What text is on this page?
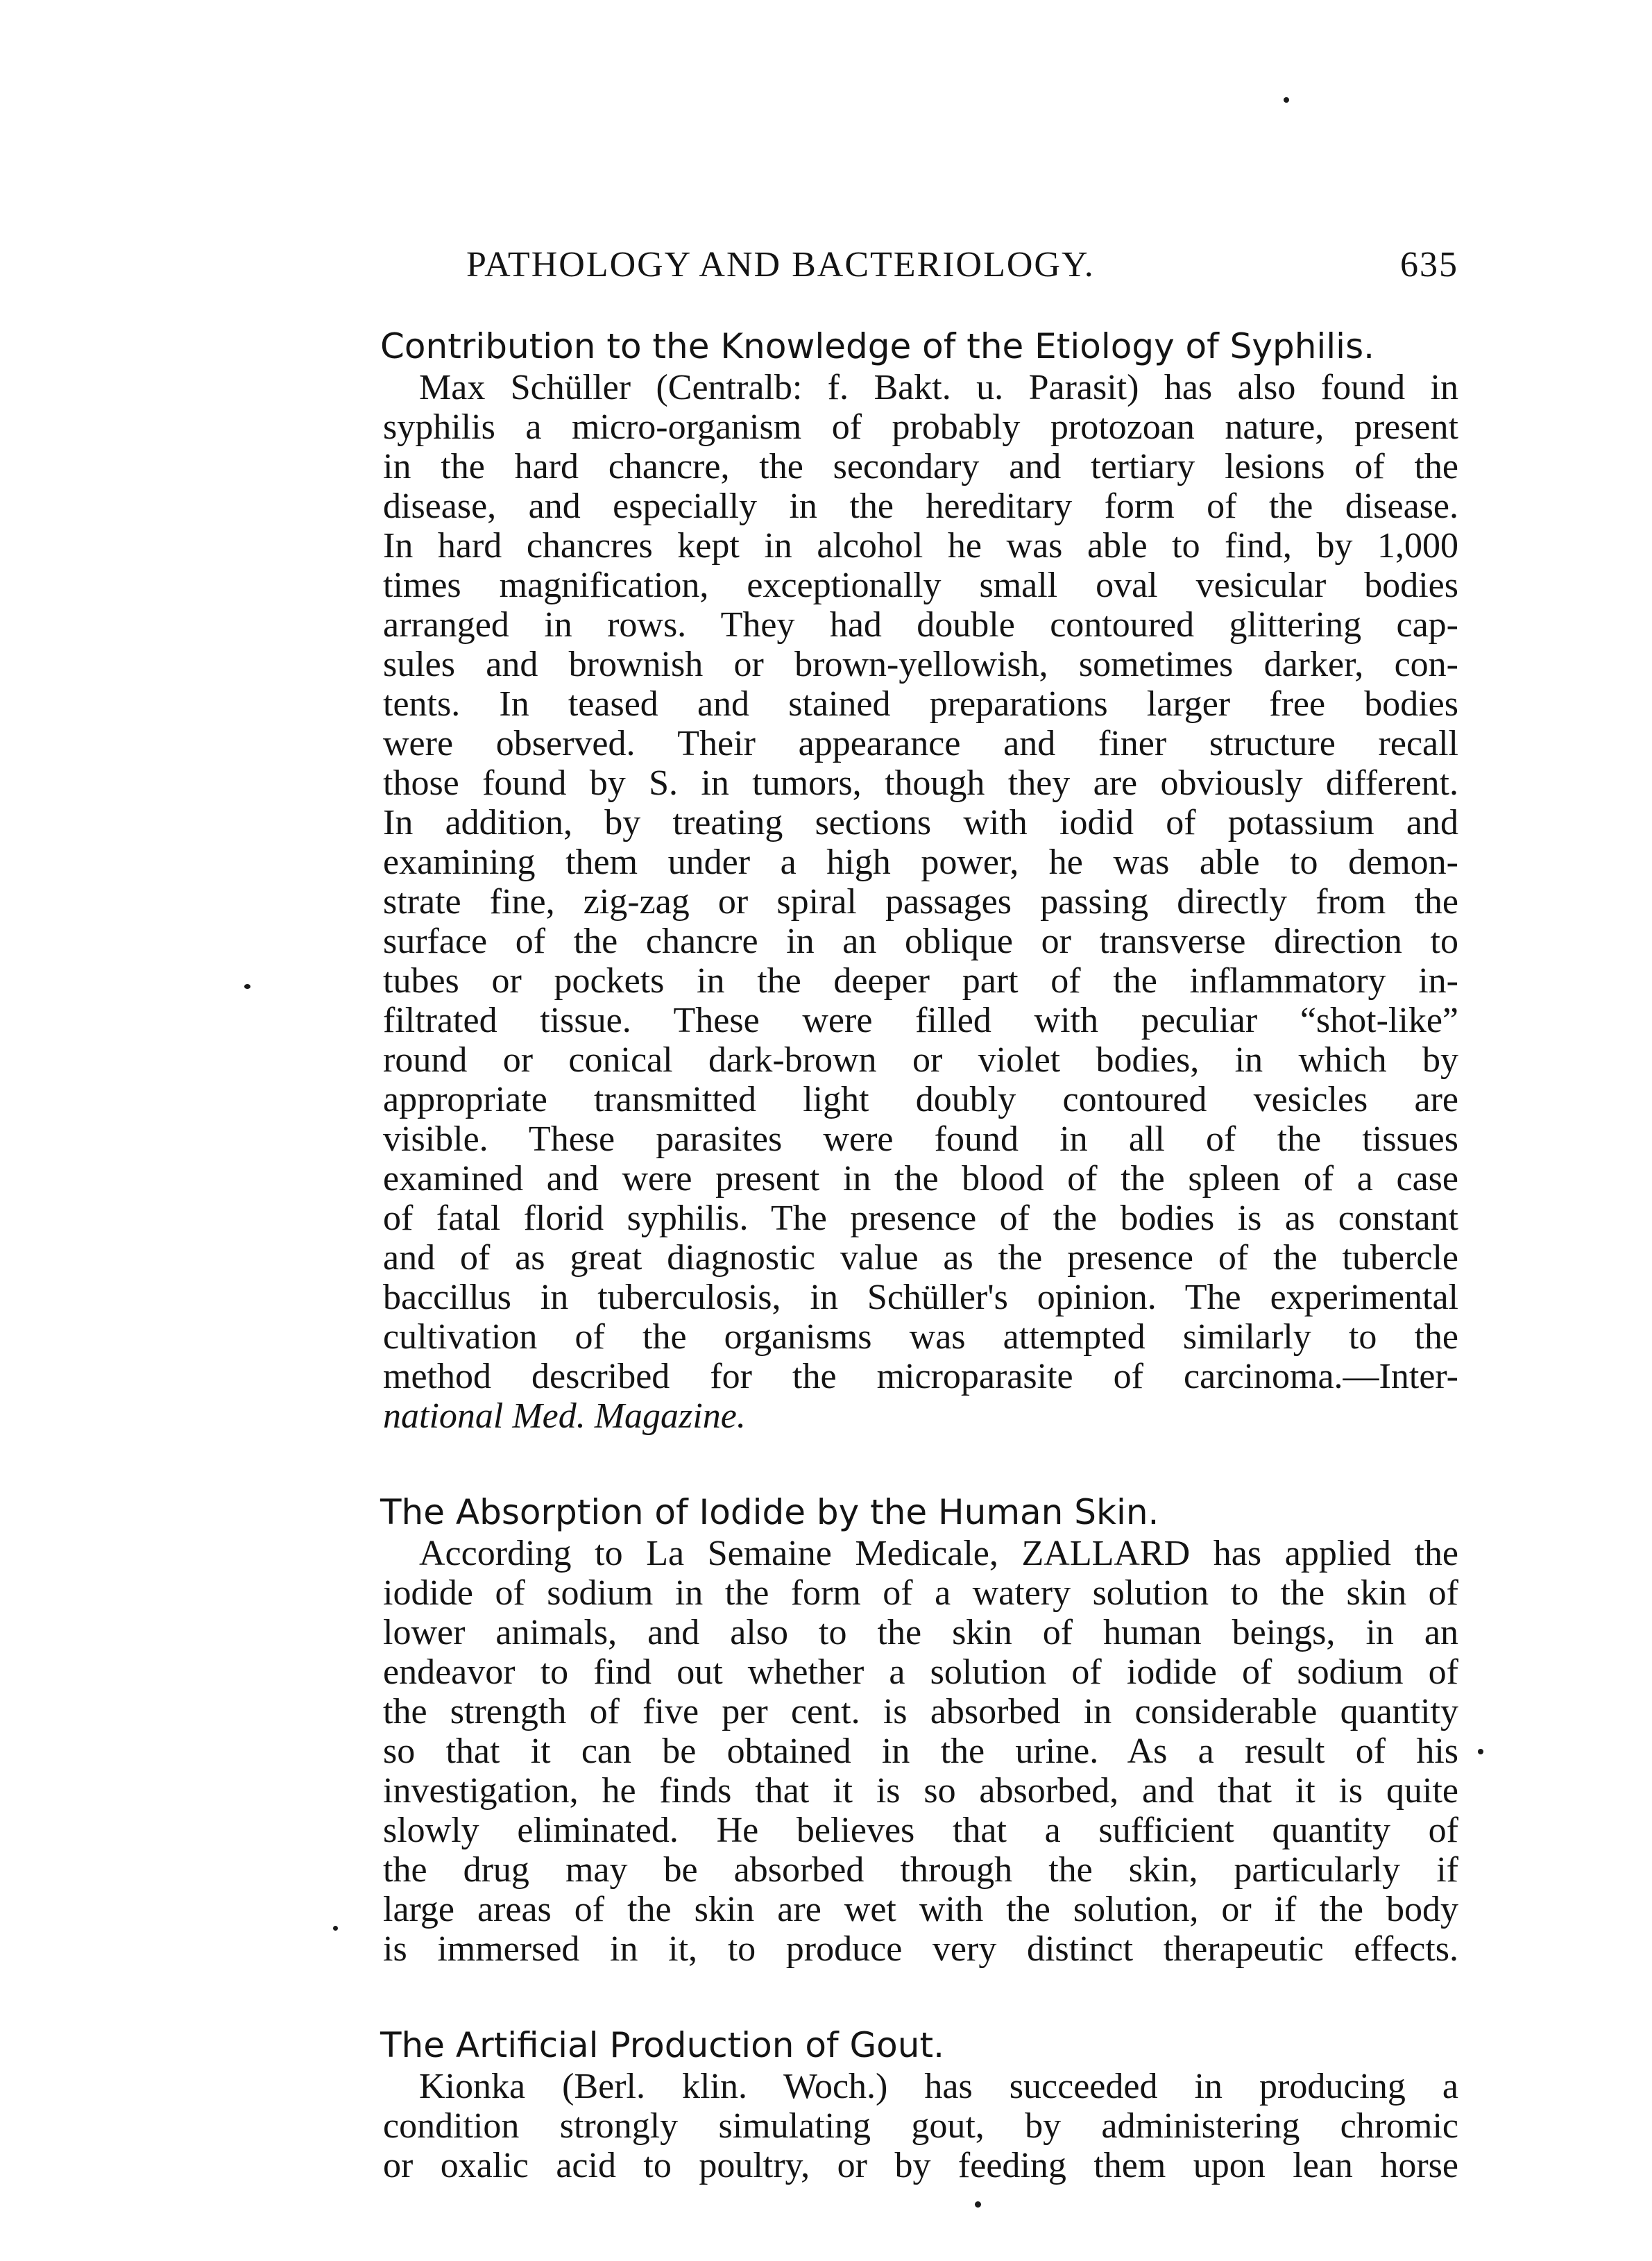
PATHOLOGY AND BACTERIOLOGY.	635
Contribution to the Knowledge of the Etiology of Syphilis.
Max Schüller (Centralb: f. Bakt. u. Parasit) has also found in
syphilis a micro-organism of probably protozoan nature, present
in the hard chancre, the secondary and tertiary lesions of the
disease, and especially in the hereditary form of the disease.
In hard chancres kept in alcohol he was able to find, by 1,000
times magnification, exceptionally small oval vesicular bodies
arranged in rows. They had double contoured glittering cap-
sules and brownish or brown-yellowish, sometimes darker, con-
tents. In teased and stained preparations larger free bodies
were observed. Their appearance and finer structure recall
those found by S. in tumors, though they are obviously different.
In addition, by treating sections with iodid of potassium and
examining them under a high power, he was able to demon-
strate fine, zig-zag or spiral passages passing directly from the
surface of the chancre in an oblique or transverse direction to
tubes or pockets in the deeper part of the inflammatory in-
filtrated tissue. These were filled with peculiar “shot-like”
round or conical dark-brown or violet bodies, in which by
appropriate transmitted light doubly contoured vesicles are
visible. These parasites were found in all of the tissues
examined and were present in the blood of the spleen of a case
of fatal florid syphilis. The presence of the bodies is as constant
and of as great diagnostic value as the presence of the tubercle
baccillus in tuberculosis, in Schüller's opinion. The experimental
cultivation of the organisms was attempted similarly to the
method described for the microparasite of carcinoma.—Inter-
national Med. Magazine.
The Absorption of Iodide by the Human Skin.
According to La Semaine Medicale, ZALLARD has applied the
iodide of sodium in the form of a watery solution to the skin of
lower animals, and also to the skin of human beings, in an
endeavor to find out whether a solution of iodide of sodium of
the strength of five per cent. is absorbed in considerable quantity
so that it can be obtained in the urine. As a result of his
investigation, he finds that it is so absorbed, and that it is quite
slowly eliminated. He believes that a sufficient quantity of
the drug may be absorbed through the skin, particularly if
large areas of the skin are wet with the solution, or if the body
is immersed in it, to produce very distinct therapeutic effects.
The Artificial Production of Gout.
Kionka (Berl. klin. Woch.) has succeeded in producing a
condition strongly simulating gout, by administering chromic
or oxalic acid to poultry, or by feeding them upon lean horse
